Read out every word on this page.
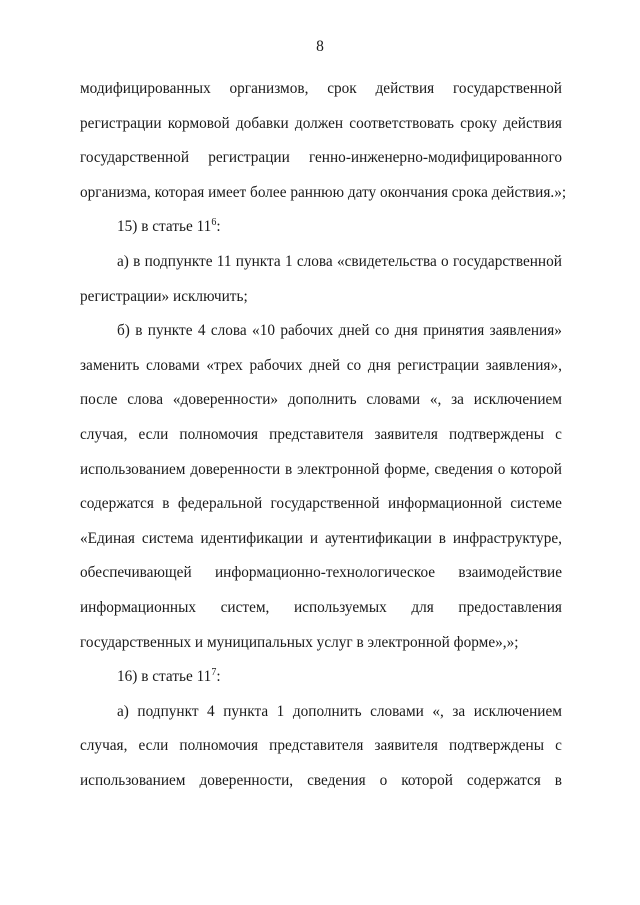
8
модифицированных организмов, срок действия государственной
регистрации кормовой добавки должен соответствовать сроку действия
государственной регистрации генно-инженерно-модифицированного
организма, которая имеет более раннюю дату окончания срока действия.»;
15) в статье $11^6$:
а) в подпункте 11 пункта 1 слова «свидетельства о государственной
регистрации» исключить;
б) в пункте 4 слова «10 рабочих дней со дня принятия заявления»
заменить словами «трех рабочих дней со дня регистрации заявления»,
после слова «доверенности» дополнить словами «, за исключением
случая, если полномочия представителя заявителя подтверждены с
использованием доверенности в электронной форме, сведения о которой
содержатся в федеральной государственной информационной системе
«Единая система идентификации и аутентификации в инфраструктуре,
обеспечивающей информационно-технологическое взаимодействие
информационных систем, используемых для предоставления
государственных и муниципальных услуг в электронной форме»,»;
16) в статье $11^7$:
а) подпункт 4 пункта 1 дополнить словами «, за исключением
случая, если полномочия представителя заявителя подтверждены с
использованием доверенности, сведения о которой содержатся в
